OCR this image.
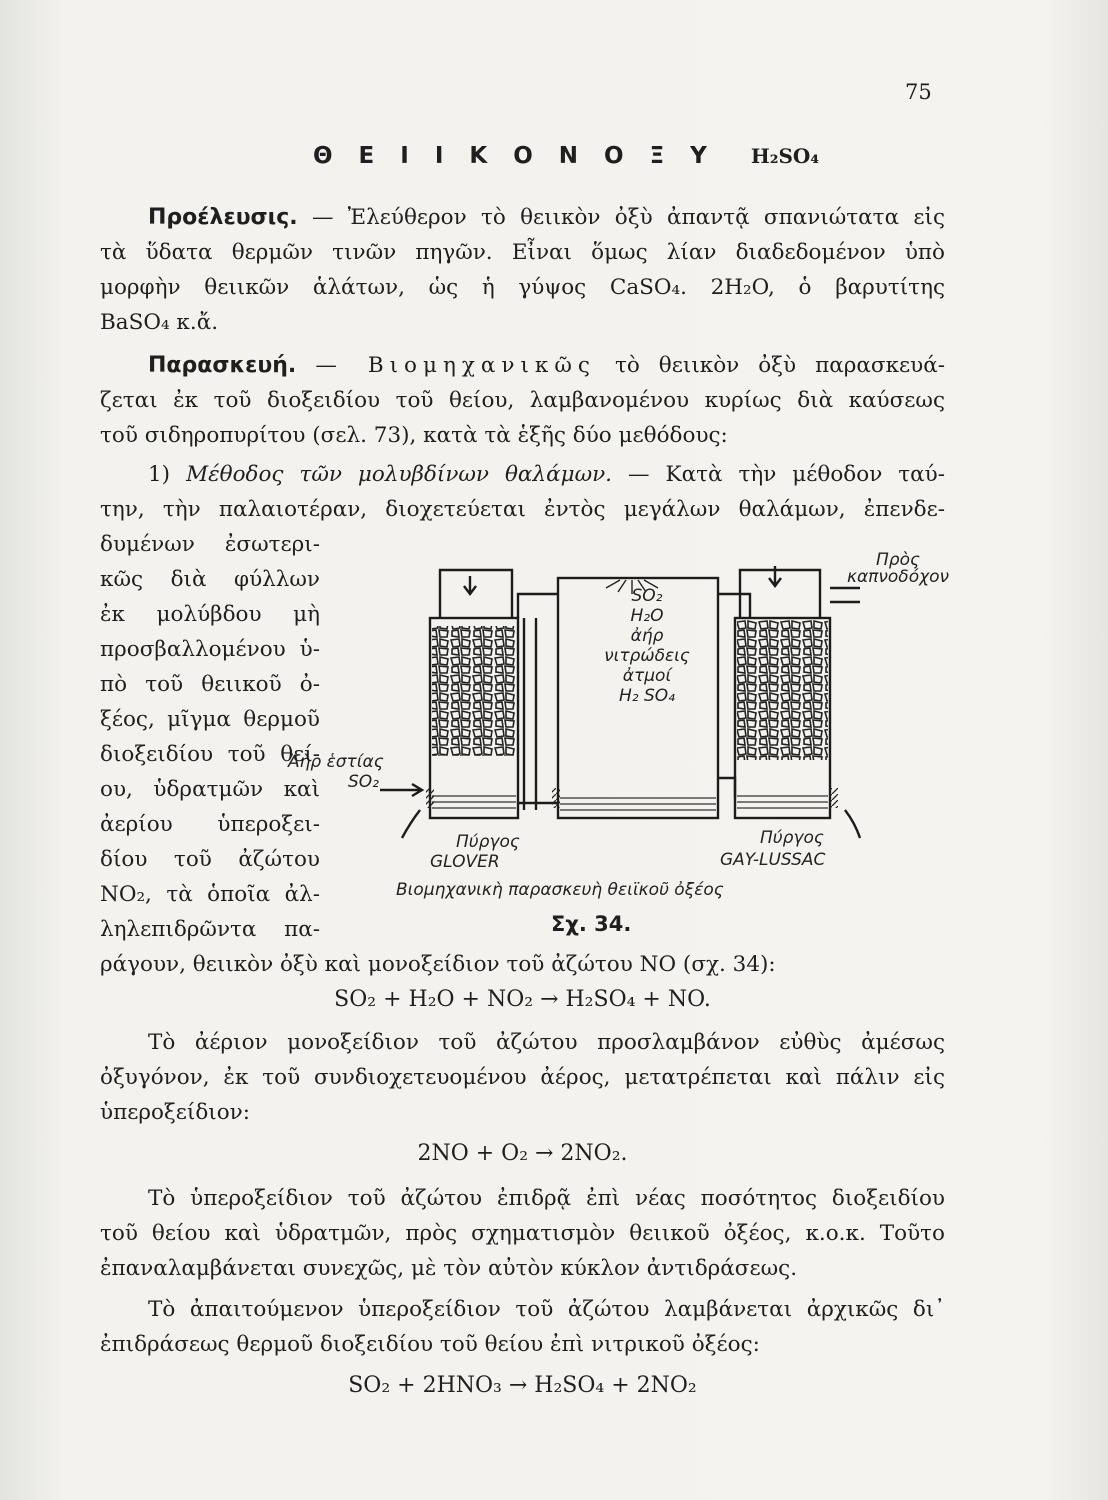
75
Θ Ε Ι Ι Κ Ο Ν Ο Ξ Υ H₂SO₄
Προέλευσις. — Ἐλεύθερον τὸ θειικὸν ὀξὺ ἀπαντᾷ σπανιώτατα εἰς
τὰ ὕδατα θερμῶν τινῶν πηγῶν. Εἶναι ὅμως λίαν διαδεδομένον ὑπὸ
μορφὴν θειικῶν ἁλάτων, ὡς ἡ γύψος CaSO₄. 2H₂O, ὁ βαρυτίτης
BaSO₄ κ.ἄ.
Παρασκευή. — Βιομηχανικῶς τὸ θειικὸν ὀξὺ παρασκευά-
ζεται ἐκ τοῦ διοξειδίου τοῦ θείου, λαμβανομένου κυρίως διὰ καύσεως
τοῦ σιδηροπυρίτου (σελ. 73), κατὰ τὰ ἑξῆς δύο μεθόδους:
1) Μέθοδος τῶν μολυβδίνων θαλάμων. — Κατὰ τὴν μέθοδον ταύ-
την, τὴν παλαιοτέραν, διοχετεύεται ἐντὸς μεγάλων θαλάμων, ἐπενδε-
δυμένων ἐσωτερι-
κῶς διὰ φύλλων
ἐκ μολύβδου μὴ
προσβαλλομένου ὑ-
πὸ τοῦ θειικοῦ ὀ-
ξέος, μῖγμα θερμοῦ
διοξειδίου τοῦ θεί-
ου, ὑδρατμῶν καὶ
ἀερίου ὑπεροξει-
δίου τοῦ ἀζώτου
NO₂, τὰ ὁποῖα ἀλ-
ληλεπιδρῶντα πα-
ράγουν, θειικὸν ὀξὺ καὶ μονοξείδιον τοῦ ἀζώτου NO (σχ. 34):
SO₂ + H₂O + NO₂ → H₂SO₄ + NO.
Τὸ ἀέριον μονοξείδιον τοῦ ἀζώτου προσλαμβάνον εὐθὺς ἀμέσως
ὀξυγόνον, ἐκ τοῦ συνδιοχετευομένου ἀέρος, μετατρέπεται καὶ πάλιν εἰς
ὑπεροξείδιον:
2NO + O₂ → 2NO₂.
Τὸ ὑπεροξείδιον τοῦ ἀζώτου ἐπιδρᾷ ἐπὶ νέας ποσότητος διοξειδίου
τοῦ θείου καὶ ὑδρατμῶν, πρὸς σχηματισμὸν θειικοῦ ὀξέος, κ.ο.κ. Τοῦτο
ἐπαναλαμβάνεται συνεχῶς, μὲ τὸν αὐτὸν κύκλον ἀντιδράσεως.
Τὸ ἀπαιτούμενον ὑπεροξείδιον τοῦ ἀζώτου λαμβάνεται ἀρχικῶς δι᾽
ἐπιδράσεως θερμοῦ διοξειδίου τοῦ θείου ἐπὶ νιτρικοῦ ὀξέος:
SO₂ + 2HNO₃ → H₂SO₄ + 2NO₂
Πρὸς καπνοδόχον
SO₂
H₂O
ἀήρ
νιτρώδεις
ἀτμοί
H₂ SO₄
Ἀὴρ ἑστίας
SO₂
Πύργος
GLOVER
Πύργος
GAY-LUSSAC
Βιομηχανικὴ παρασκευὴ θειϊκοῦ ὀξέος
Σχ. 34.
